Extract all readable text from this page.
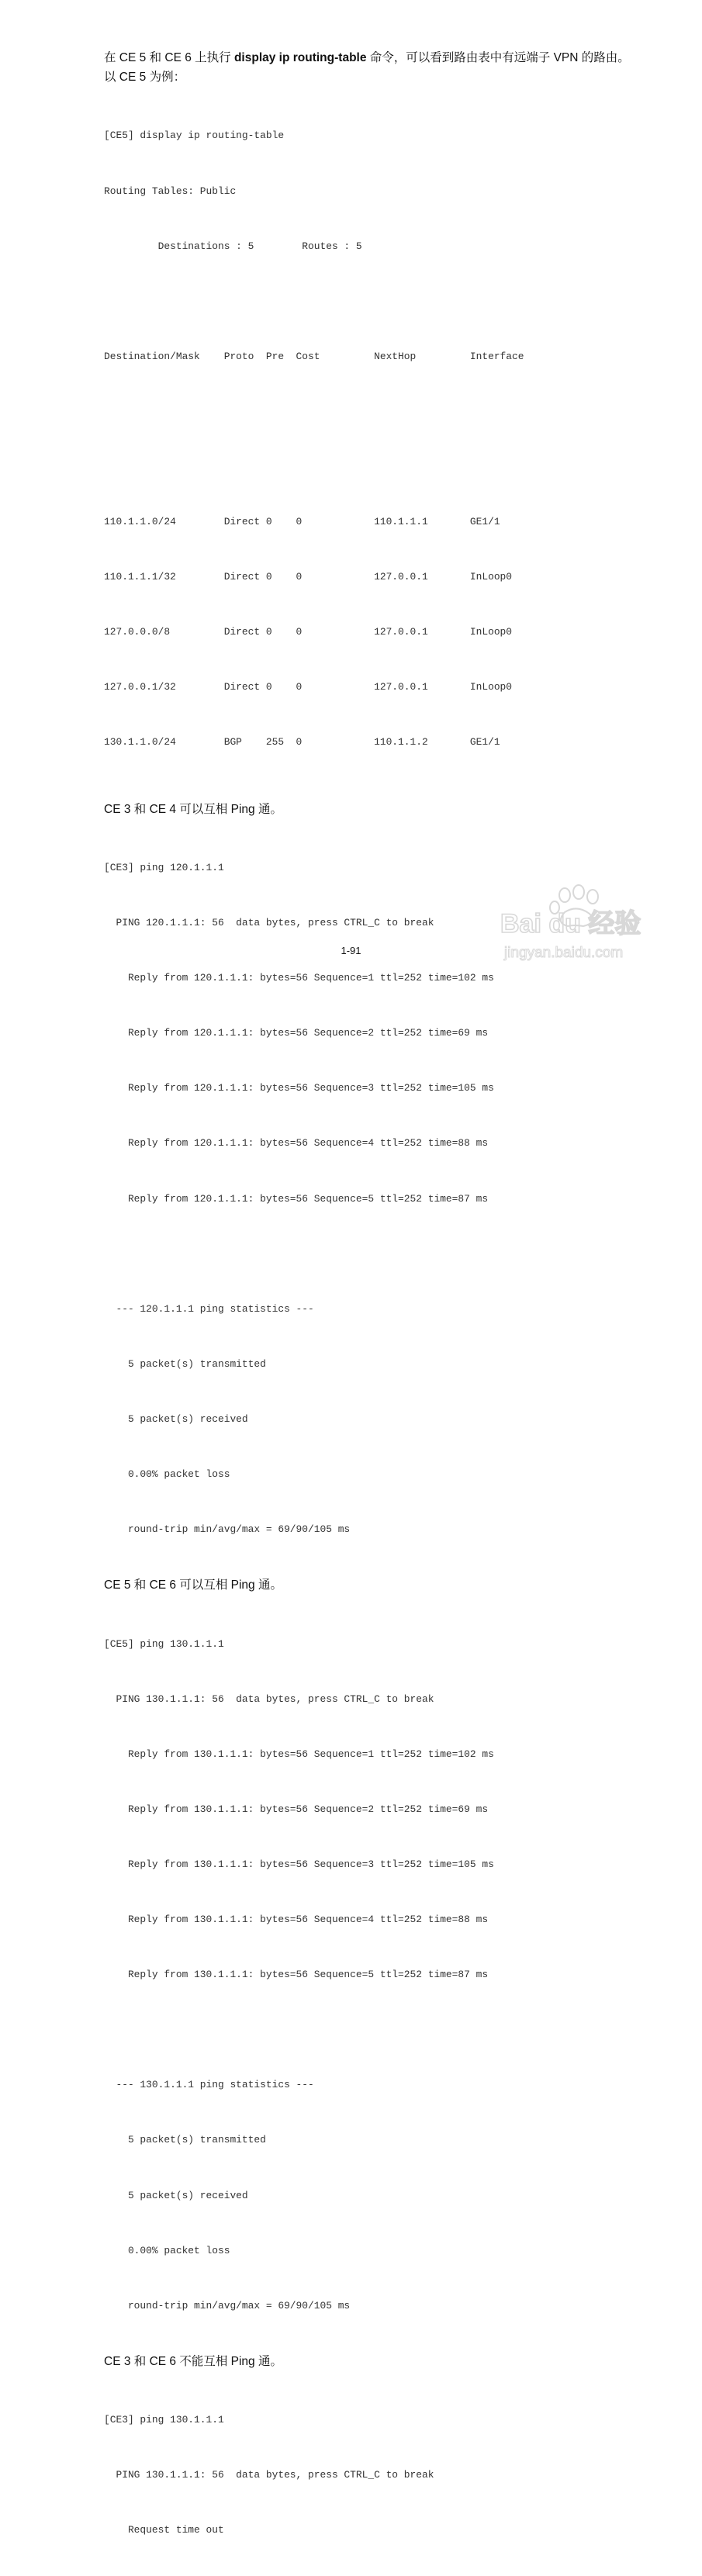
在 CE 5 和 CE 6 上执行 display ip routing-table 命令，可以看到路由表中有远端子 VPN 的路由。

以 CE 5 为例：

[CE5] display ip routing-table

Routing Tables: Public

Destinations : 5        Routes : 5

Destination/Mask    Proto  Pre  Cost         NextHop         Interface

110.1.1.0/24        Direct 0    0            110.1.1.1       GE1/1

110.1.1.1/32        Direct 0    0            127.0.0.1       InLoop0

127.0.0.0/8         Direct 0    0            127.0.0.1       InLoop0

127.0.0.1/32        Direct 0    0            127.0.0.1       InLoop0

130.1.1.0/24        BGP    255  0            110.1.1.2       GE1/1

CE 3 和 CE 4 可以互相 Ping 通。

[CE3] ping 120.1.1.1

PING 120.1.1.1: 56  data bytes, press CTRL_C to break

Reply from 120.1.1.1: bytes=56 Sequence=1 ttl=252 time=102 ms

Reply from 120.1.1.1: bytes=56 Sequence=2 ttl=252 time=69 ms

Reply from 120.1.1.1: bytes=56 Sequence=3 ttl=252 time=105 ms

Reply from 120.1.1.1: bytes=56 Sequence=4 ttl=252 time=88 ms

Reply from 120.1.1.1: bytes=56 Sequence=5 ttl=252 time=87 ms

--- 120.1.1.1 ping statistics ---

5 packet(s) transmitted

5 packet(s) received

0.00% packet loss

round-trip min/avg/max = 69/90/105 ms

CE 5 和 CE 6 可以互相 Ping 通。

[CE5] ping 130.1.1.1

PING 130.1.1.1: 56  data bytes, press CTRL_C to break

Reply from 130.1.1.1: bytes=56 Sequence=1 ttl=252 time=102 ms

Reply from 130.1.1.1: bytes=56 Sequence=2 ttl=252 time=69 ms

Reply from 130.1.1.1: bytes=56 Sequence=3 ttl=252 time=105 ms

Reply from 130.1.1.1: bytes=56 Sequence=4 ttl=252 time=88 ms

Reply from 130.1.1.1: bytes=56 Sequence=5 ttl=252 time=87 ms

--- 130.1.1.1 ping statistics ---

5 packet(s) transmitted

5 packet(s) received

0.00% packet loss

round-trip min/avg/max = 69/90/105 ms

CE 3 和 CE 6 不能互相 Ping 通。

[CE3] ping 130.1.1.1

PING 130.1.1.1: 56  data bytes, press CTRL_C to break

Request time out

1-91
Bai du 经验
jingyan.baidu.com
